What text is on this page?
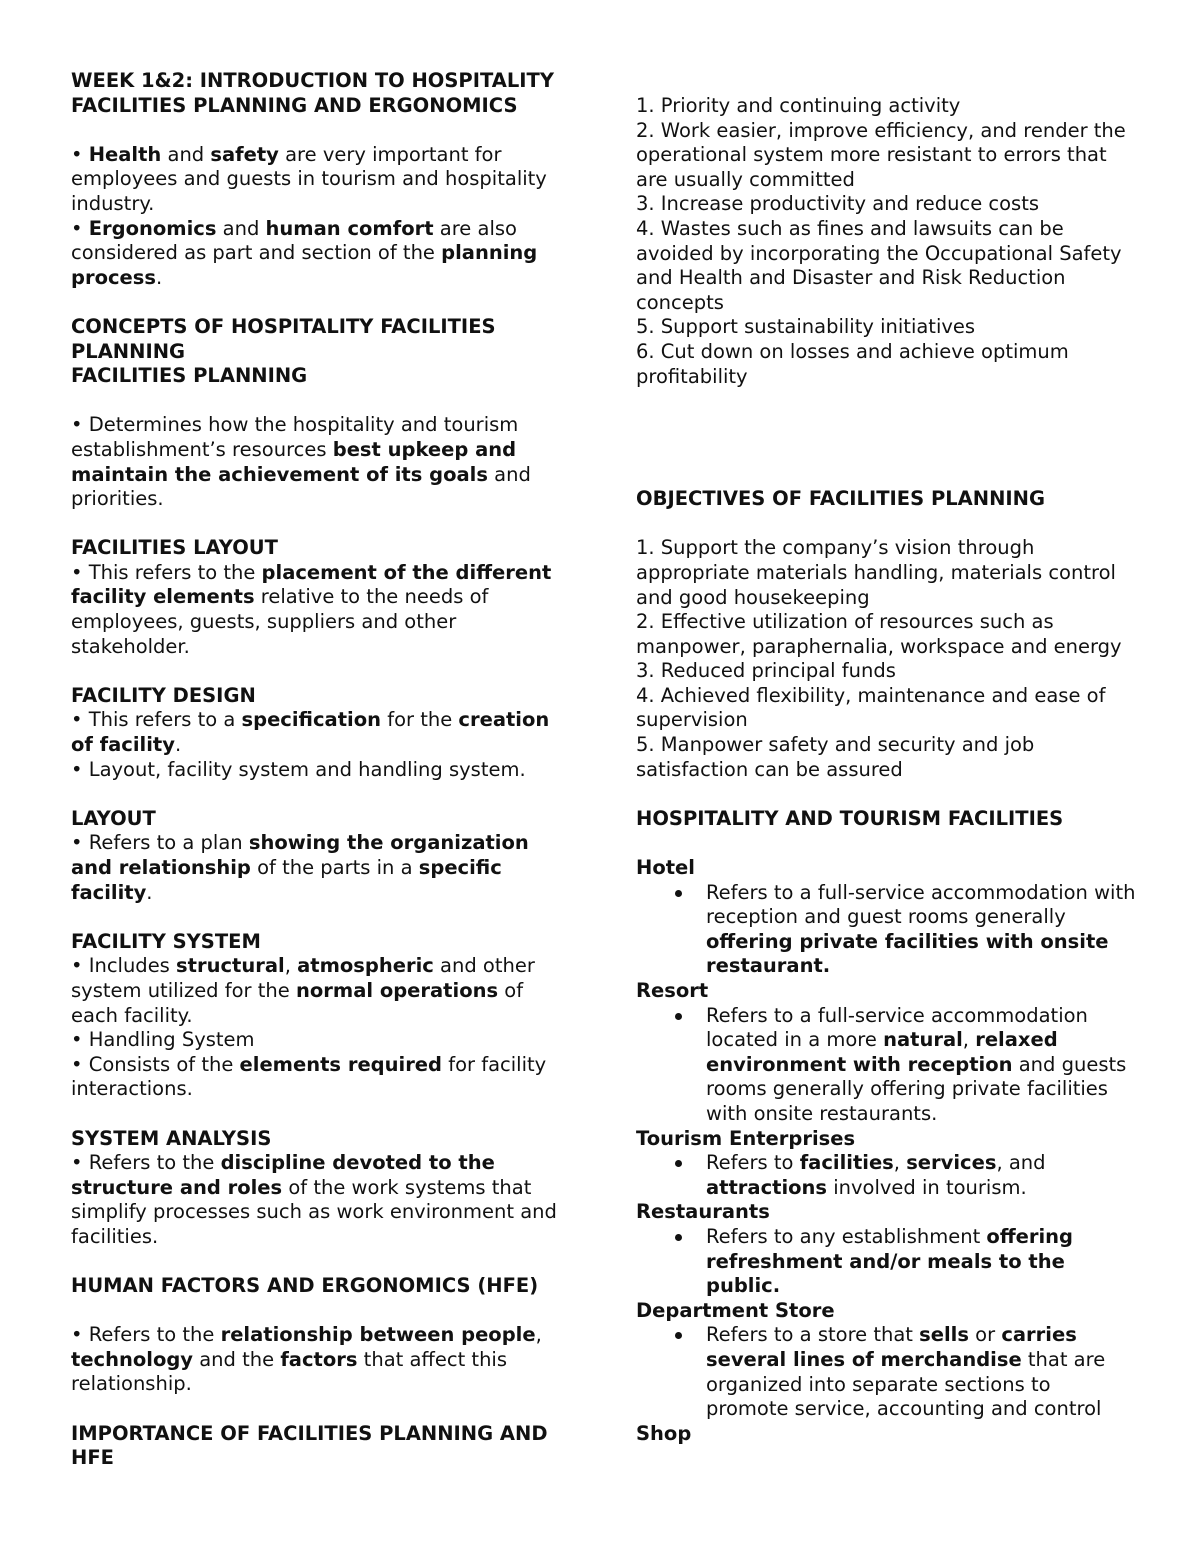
WEEK 1&2: INTRODUCTION TO HOSPITALITY
FACILITIES PLANNING AND ERGONOMICS

• Health and safety are very important for employees and guests in tourism and hospitality industry.

• Ergonomics and human comfort are also considered as part and section of the planning process.

CONCEPTS OF HOSPITALITY FACILITIES PLANNING
FACILITIES PLANNING

• Determines how the hospitality and tourism establishment’s resources best upkeep and maintain the achievement of its goals and priorities.

FACILITIES LAYOUT

• This refers to the placement of the different facility elements relative to the needs of employees, guests, suppliers and other stakeholder.

FACILITY DESIGN

• This refers to a specification for the creation of facility.

• Layout, facility system and handling system.

LAYOUT

• Refers to a plan showing the organization and relationship of the parts in a specific facility.

FACILITY SYSTEM

• Includes structural, atmospheric and other system utilized for the normal operations of each facility.

• Handling System

• Consists of the elements required for facility interactions.

SYSTEM ANALYSIS

• Refers to the discipline devoted to the structure and roles of the work systems that simplify processes such as work environment and facilities.

HUMAN FACTORS AND ERGONOMICS (HFE)

• Refers to the relationship between people, technology and the factors that affect this relationship.

IMPORTANCE OF FACILITIES PLANNING AND HFE
1. Priority and continuing activity
2. Work easier, improve efficiency, and render the operational system more resistant to errors that are usually committed
3. Increase productivity and reduce costs
4. Wastes such as fines and lawsuits can be avoided by incorporating the Occupational Safety and Health and Disaster and Risk Reduction concepts
5. Support sustainability initiatives
6. Cut down on losses and achieve optimum profitability
OBJECTIVES OF FACILITIES PLANNING
1. Support the company’s vision through appropriate materials handling, materials control and good housekeeping
2. Effective utilization of resources such as manpower, paraphernalia, workspace and energy
3. Reduced principal funds
4. Achieved flexibility, maintenance and ease of supervision
5. Manpower safety and security and job satisfaction can be assured
HOSPITALITY AND TOURISM FACILITIES

Hotel

Refers to a full-service accommodation with reception and guest rooms generally offering private facilities with onsite restaurant.

Resort

Refers to a full-service accommodation located in a more natural, relaxed environment with reception and guests rooms generally offering private facilities with onsite restaurants.

Tourism Enterprises

Refers to facilities, services, and attractions involved in tourism.

Restaurants

Refers to any establishment offering refreshment and/or meals to the public.

Department Store

Refers to a store that sells or carries several lines of merchandise that are organized into separate sections to promote service, accounting and control

Shop
